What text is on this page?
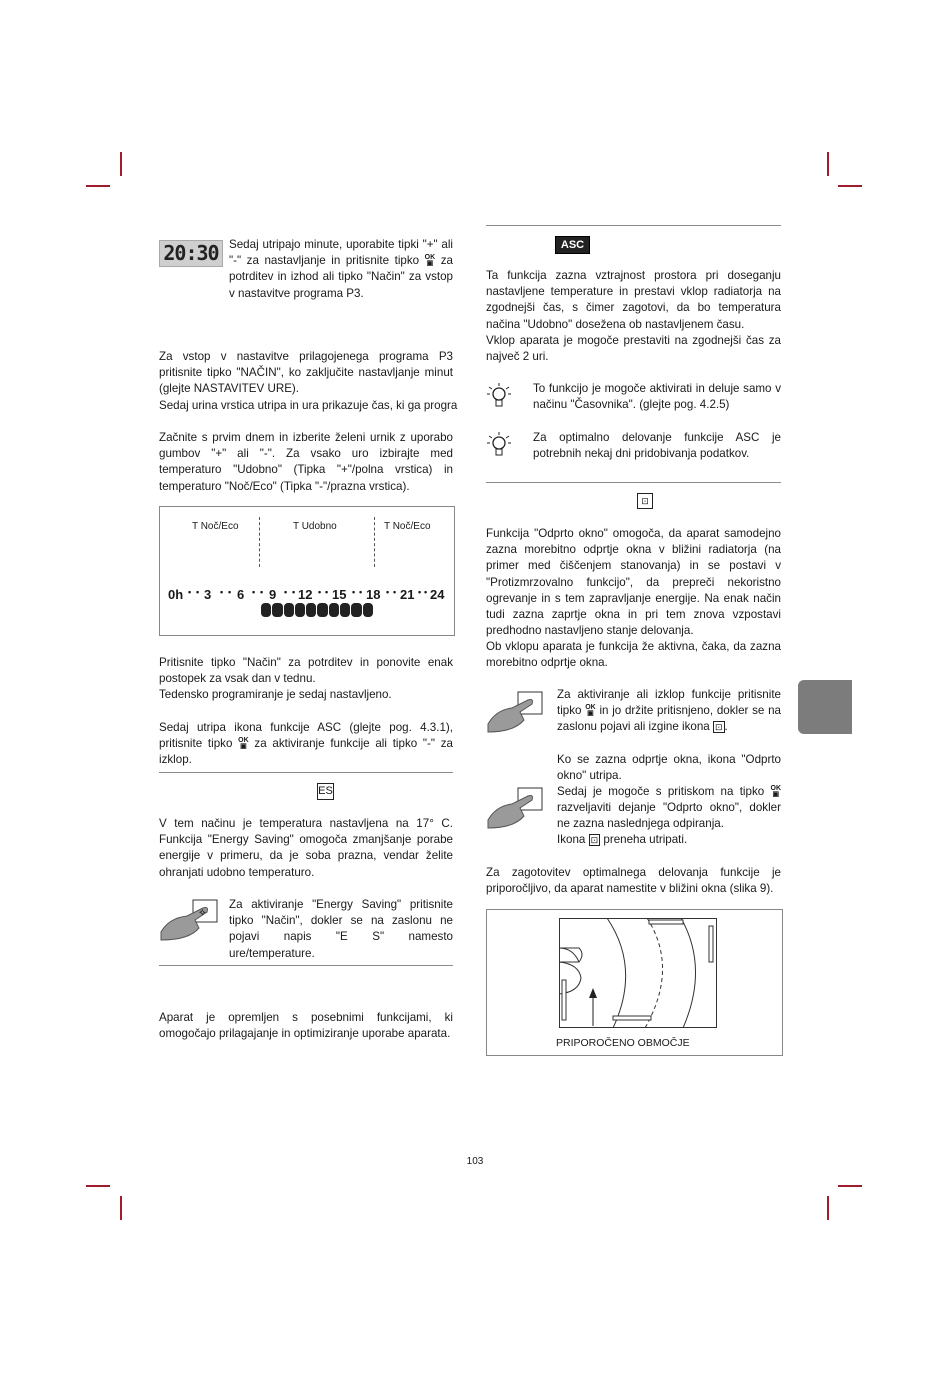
20:30 Sedaj utripajo minute, uporabite tipki "+" ali "-" za nastavljanje in pritisnite tipko OK
▣ za potrditev in izhod ali tipko "Način" za vstop v nastavitve programa P3.
Za vstop v nastavitve prilagojenega programa P3 pritisnite tipko "NAČIN", ko zaključite nastavljanje minut (glejte NASTAVITEV URE).
Sedaj urina vrstica utripa in ura prikazuje čas, ki ga progra
Začnite s prvim dnem in izberite želeni urnik z uporabo gumbov "+" ali "-". Za vsako uro izbirajte med temperaturo "Udobno" (Tipka "+"/polna vrstica) in temperaturo "Noč/Eco" (Tipka "-"/prazna vrstica).
T Noč/Eco	T Udobno	T Noč/Eco
0h 3 6 9 12 15 18 21 24
• • • • • • • •	• •	• •	• • • •
Pritisnite tipko "Način" za potrditev in ponovite enak postopek za vsak dan v tednu.
Tedensko programiranje je sedaj nastavljeno.
Sedaj utripa ikona funkcije ASC (glejte pog. 4.3.1), pritisnite tipko OK
▣ za aktiviranje funkcije ali tipko "-" za izklop.
ES
V tem načinu je temperatura nastavljena na 17° C. Funkcija "Energy Saving" omogoča zmanjšanje porabe energije v primeru, da je soba prazna, vendar želite ohranjati udobno temperaturo.
⟡
Za aktiviranje "Energy Saving" pritisnite tipko "Način", dokler se na zaslonu ne pojavi napis "E S" namesto ure/temperature.
Aparat je opremljen s posebnimi funkcijami, ki omogočajo prilagajanje in optimiziranje uporabe aparata.
ASC
Ta funkcija zazna vztrajnost prostora pri doseganju nastavljene temperature in prestavi vklop radiatorja na zgodnejši čas, s čimer zagotovi, da bo temperatura načina "Udobno" dosežena ob nastavljenem času.
Vklop aparata je mogoče prestaviti na zgodnejši čas za največ 2 uri.
To funkcijo je mogoče aktivirati in deluje samo v načinu "Časovnika". (glejte pog. 4.2.5)
Za optimalno delovanje funkcije ASC je potrebnih nekaj dni pridobivanja podatkov.
⊡
Funkcija "Odprto okno" omogoča, da aparat samodejno zazna morebitno odprtje okna v bližini radiatorja (na primer med čiščenjem stanovanja) in se postavi v "Protizmrzovalno funkcijo", da prepreči nekoristno ogrevanje in s tem zapravljanje energije. Na enak način tudi zazna zaprtje okna in pri tem znova vzpostavi predhodno nastavljeno stanje delovanja.
Ob vklopu aparata je funkcija že aktivna, čaka, da zazna morebitno odprtje okna.
Za aktiviranje ali izklop funkcije pritisnite tipko OK
▣ in jo držite pritisnjeno, dokler se na zaslonu pojavi ali izgine ikona ⊡ .
Ko se zazna odprtje okna, ikona "Odprto okno" utripa.
Sedaj je mogoče s pritiskom na tipko OK
▣ razveljaviti dejanje "Odprto okno", dokler ne zazna naslednjega odpiranja.
Ikona ⊡ preneha utripati.
Za zagotovitev optimalnega delovanja funkcije je priporočljivo, da aparat namestite v bližini okna (slika 9).
PRIPOROČENO OBMOČJE
103
